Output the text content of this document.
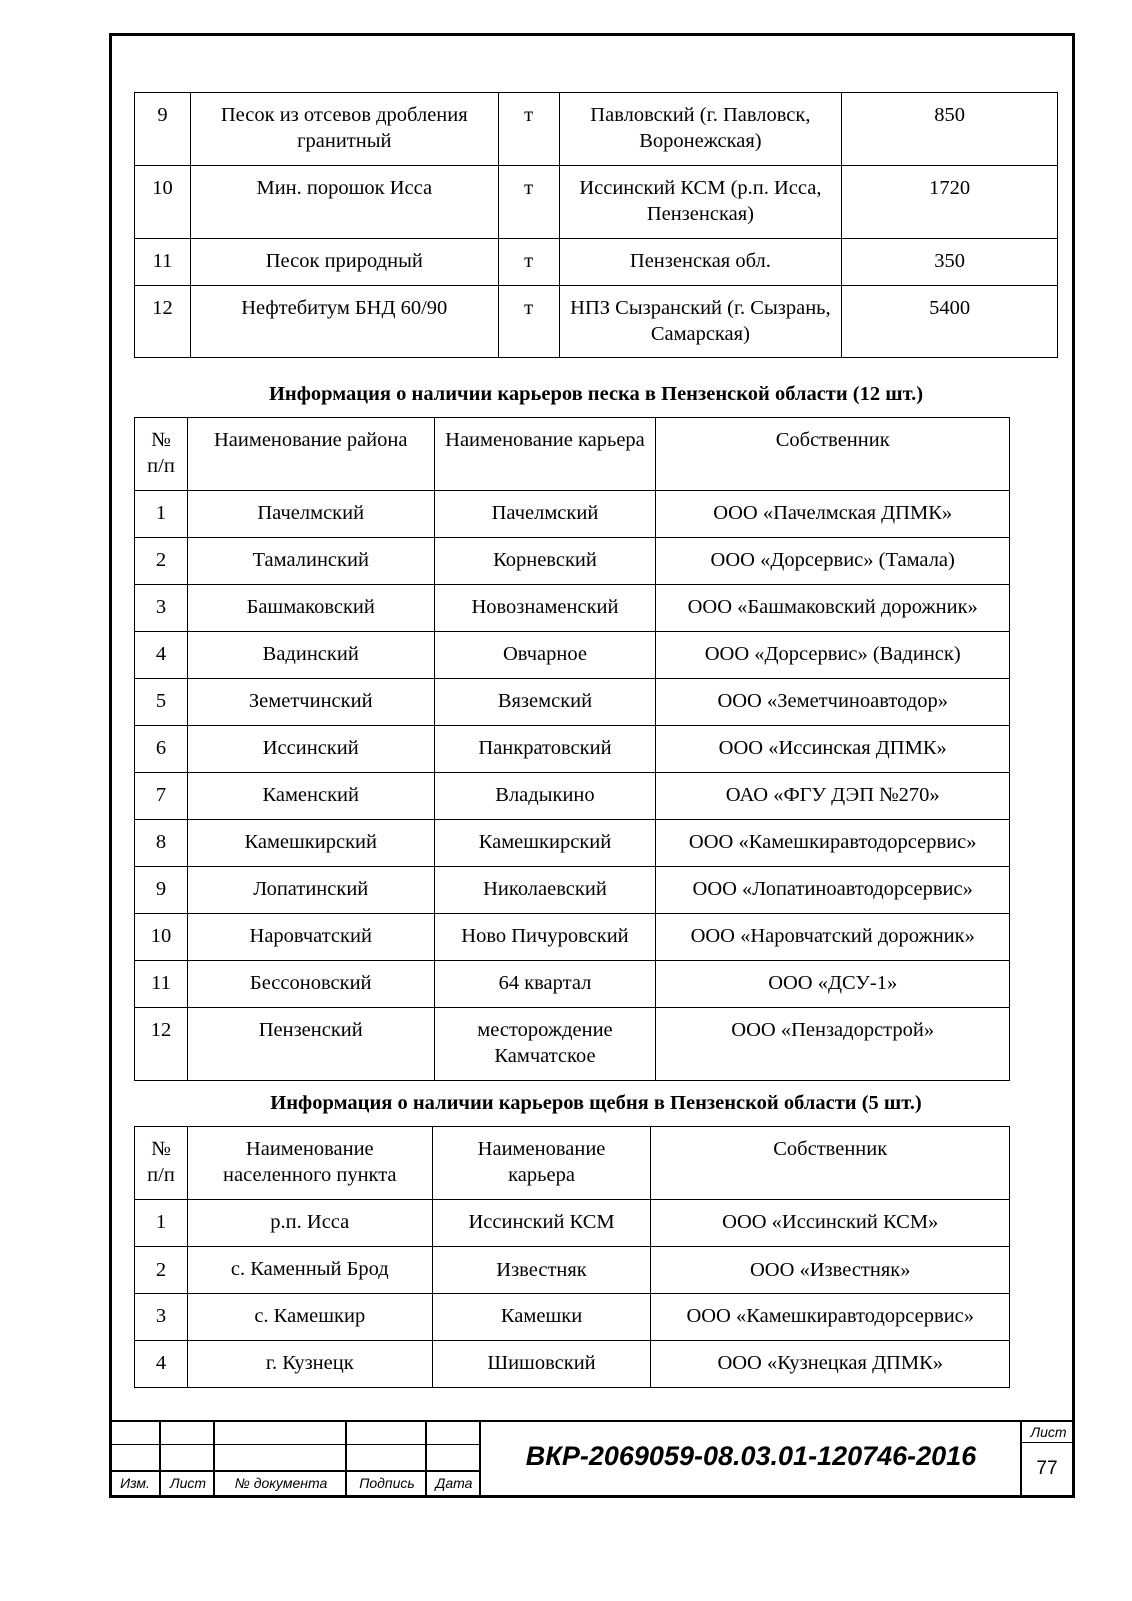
9	Песок из отсевов дробления гранитный	т	Павловский (г. Павловск, Воронежская)	850
10	Мин. порошок Исса	т	Иссинский КСМ (р.п. Исса, Пензенская)	1720
11	Песок природный	т	Пензенская обл.	350
12	Нефтебитум БНД 60/90	т	НПЗ Сызранский (г. Сызрань, Самарская)	5400
Информация о наличии карьеров песка в Пензенской области (12 шт.)
№ п/п	Наименование района	Наименование карьера	Собственник
1	Пачелмский	Пачелмский	ООО «Пачелмская ДПМК»
2	Тамалинский	Корневский	ООО «Дорсервис» (Тамала)
3	Башмаковский	Новознаменский	ООО «Башмаковский дорожник»
4	Вадинский	Овчарное	ООО «Дорсервис» (Вадинск)
5	Земетчинский	Вяземский	ООО «Земетчиноавтодор»
6	Иссинский	Панкратовский	ООО «Иссинская ДПМК»
7	Каменский	Владыкино	ОАО «ФГУ ДЭП №270»
8	Камешкирский	Камешкирский	ООО «Камешкиравтодорсервис»
9	Лопатинский	Николаевский	ООО «Лопатиноавтодорсервис»
10	Наровчатский	Ново Пичуровский	ООО «Наровчатский дорожник»
11	Бессоновский	64 квартал	ООО «ДСУ-1»
12	Пензенский	месторождение Камчатское	ООО «Пензадорстрой»
Информация о наличии карьеров щебня в Пензенской области (5 шт.)
№ п/п	Наименование населенного пункта	Наименование карьера	Собственник
1	р.п. Исса	Иссинский КСМ	ООО «Иссинский КСМ»
2	с. Каменный Брод	Известняк	ООО «Известняк»
3	с. Камешкир	Камешки	ООО «Камешкиравтодорсервис»
4	г. Кузнецк	Шишовский	ООО «Кузнецкая ДПМК»
Изм.	Лист	№ документа	Подпись	Дата
ВКР-2069059-08.03.01-120746-2016
Лист
77
